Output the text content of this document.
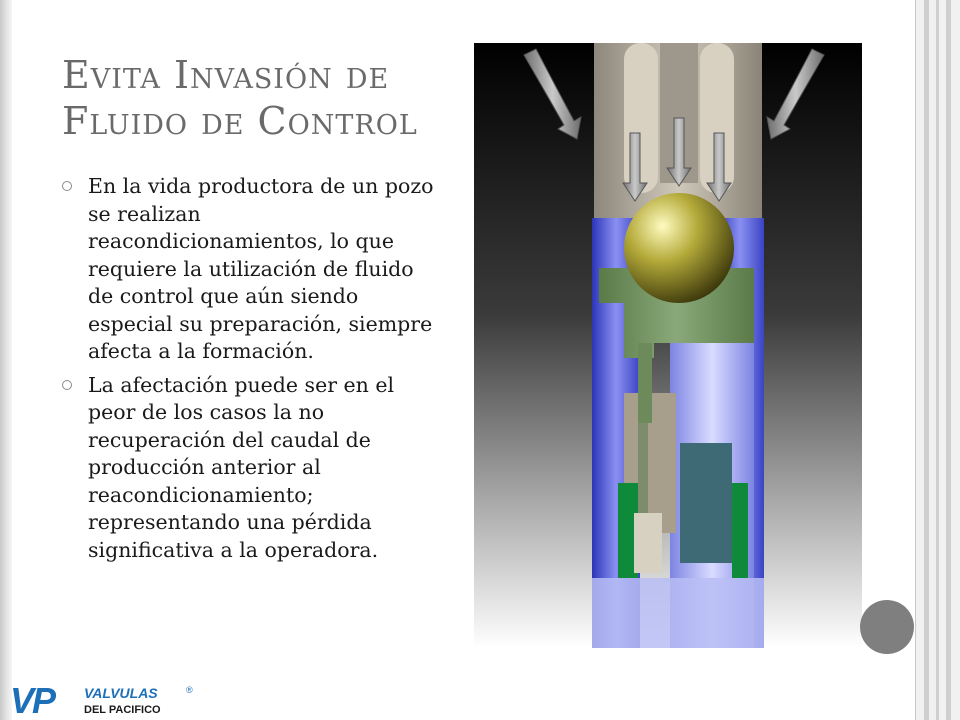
Evita Invasión de
Fluido de Control
En la vida productora de un pozo se realizan reacondicionamientos, lo que requiere la utilización de fluido de control que aún siendo especial su preparación, siempre afecta a la formación.
La afectación puede ser en el peor de los casos la no recuperación del caudal de producción anterior al reacondicionamiento; representando una pérdida significativa a la operadora.
VP VALVULAS
DEL PACIFICO
®
